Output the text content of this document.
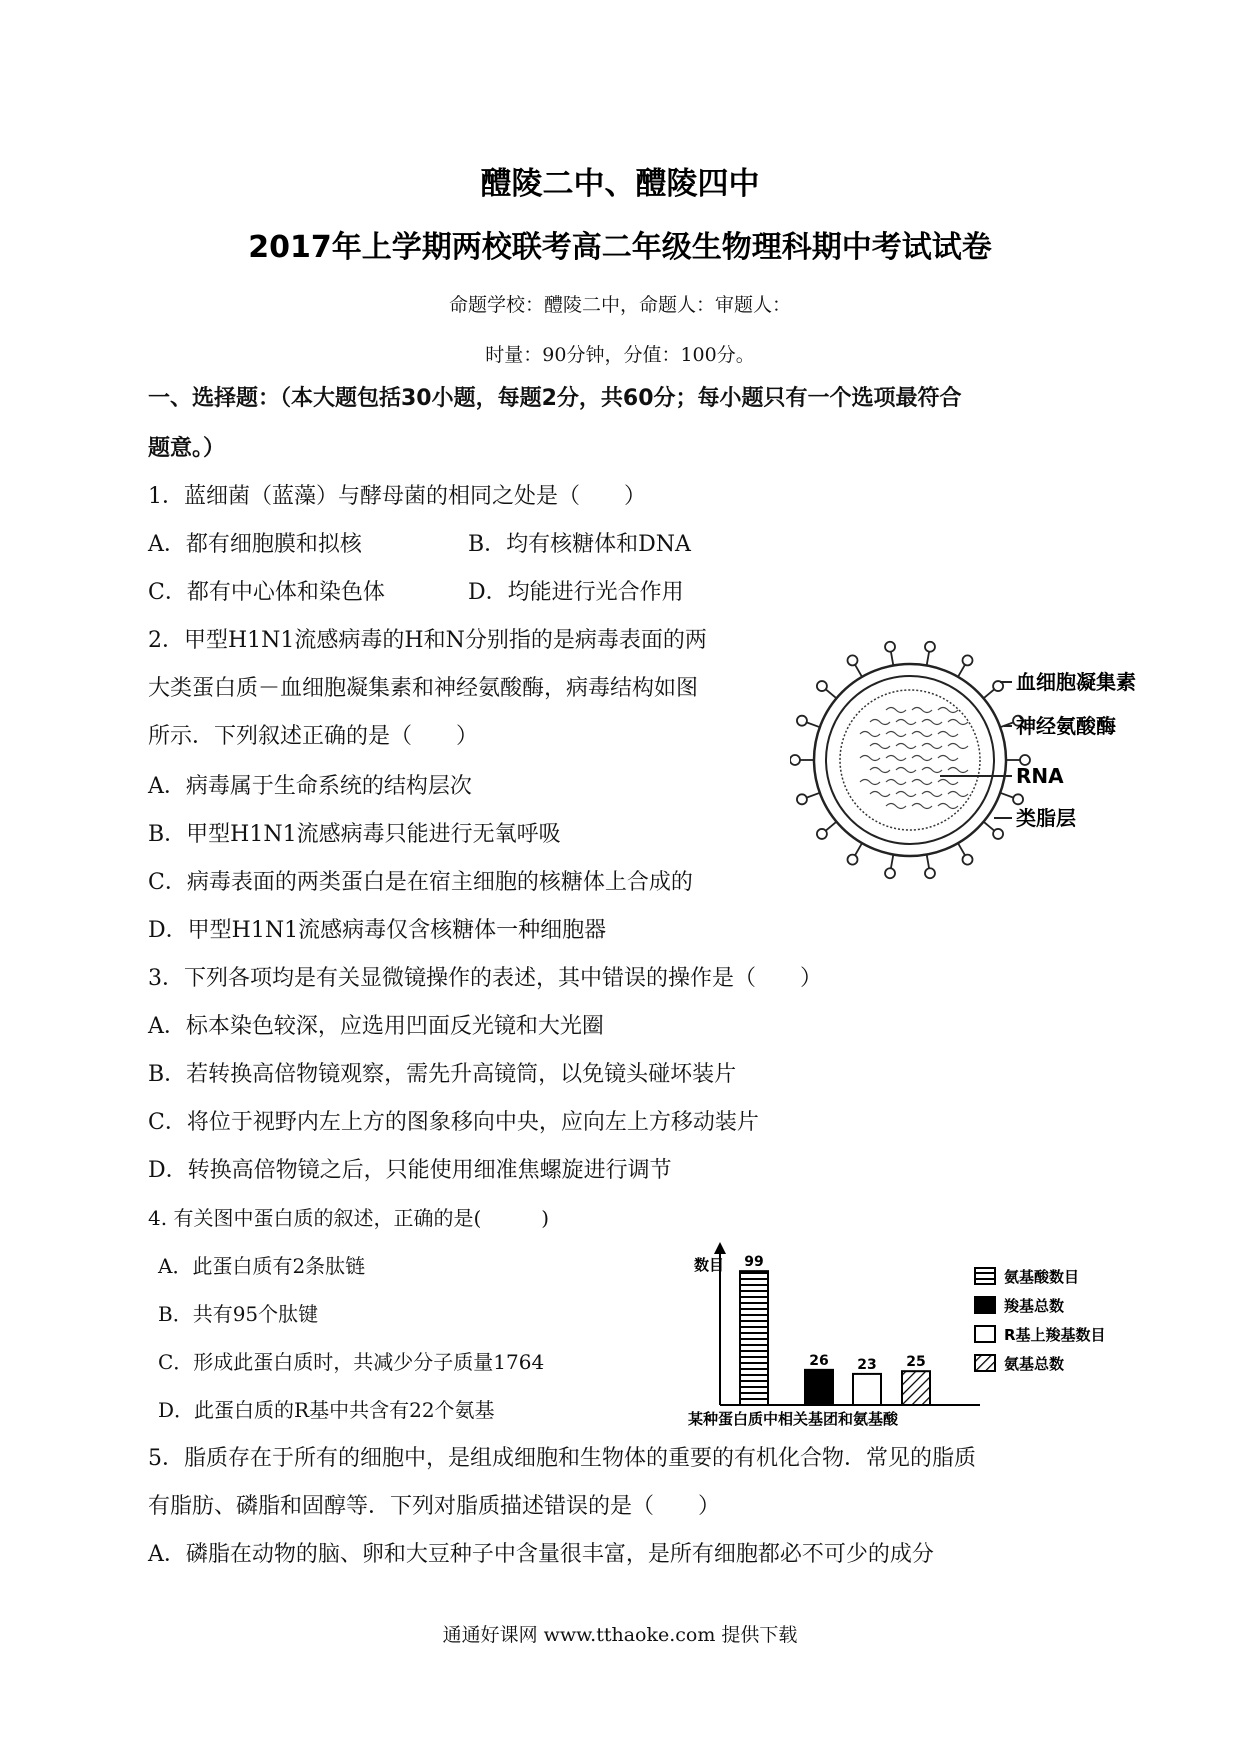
醴陵二中、醴陵四中
2017年上学期两校联考高二年级生物理科期中考试试卷
命题学校：醴陵二中，命题人：审题人：
时量：90分钟，分值：100分。
一、选择题：（本大题包括30小题，每题2分，共60分；每小题只有一个选项最符合
题意。）
1．蓝细菌（蓝藻）与酵母菌的相同之处是（　　）
A．都有细胞膜和拟核	B．均有核糖体和DNA
C．都有中心体和染色体	D．均能进行光合作用
2．甲型H1N1流感病毒的H和N分别指的是病毒表面的两
大类蛋白质－血细胞凝集素和神经氨酸酶，病毒结构如图
所示．下列叙述正确的是（　　）
A．病毒属于生命系统的结构层次
B．甲型H1N1流感病毒只能进行无氧呼吸
C．病毒表面的两类蛋白是在宿主细胞的核糖体上合成的
D．甲型H1N1流感病毒仅含核糖体一种细胞器
血细胞凝集素
神经氨酸酶
RNA
类脂层
3．下列各项均是有关显微镜操作的表述，其中错误的操作是（　　）
A．标本染色较深，应选用凹面反光镜和大光圈
B．若转换高倍物镜观察，需先升高镜筒，以免镜头碰坏装片
C．将位于视野内左上方的图象移向中央，应向左上方移动装片
D．转换高倍物镜之后，只能使用细准焦螺旋进行调节
4. 有关图中蛋白质的叙述，正确的是(　　　)
A．此蛋白质有2条肽链
B．共有95个肽键
C．形成此蛋白质时，共减少分子质量1764
D．此蛋白质的R基中共含有22个氨基
数目
某种蛋白质中相关基团和氨基酸
99
26 23 25
氨基酸数目
羧基总数
R基上羧基数目
氨基总数
5．脂质存在于所有的细胞中，是组成细胞和生物体的重要的有机化合物．常见的脂质
有脂肪、磷脂和固醇等．下列对脂质描述错误的是（　　）
A．磷脂在动物的脑、卵和大豆种子中含量很丰富，是所有细胞都必不可少的成分
通通好课网 www.tthaoke.com 提供下载
